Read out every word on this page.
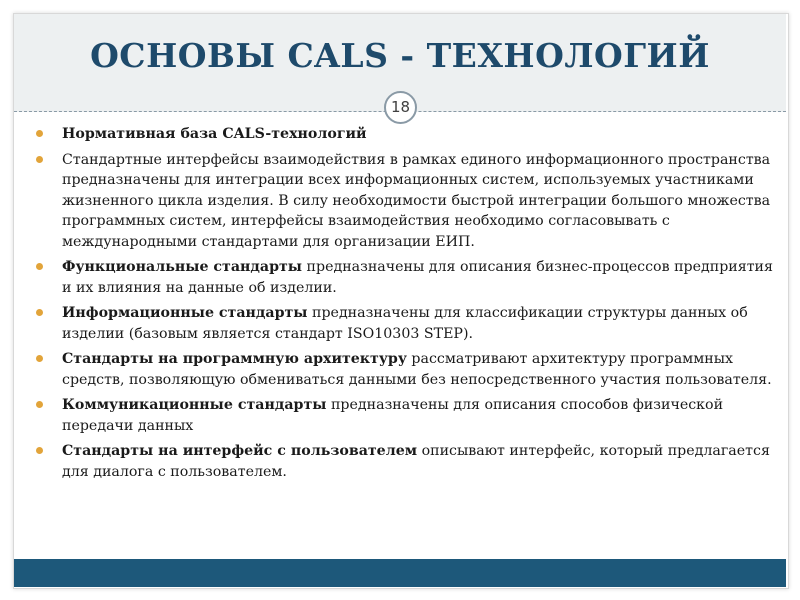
ОСНОВЫ CALS - ТЕХНОЛОГИЙ
18
Нормативная база CALS-технологий
Стандартные интерфейсы взаимодействия в рамках единого информационного пространства предназначены для интеграции всех информационных систем, используемых участниками жизненного цикла изделия. В силу необходимости быстрой интеграции большого множества программных систем, интерфейсы взаимодействия необходимо согласовывать с международными стандартами для организации ЕИП.
Функциональные стандарты предназначены для описания бизнес-процессов предприятия и их влияния на данные об изделии.
Информационные стандарты предназначены для классификации структуры данных об изделии (базовым является стандарт ISO10303 STEP).
Стандарты на программную архитектуру рассматривают архитектуру программных средств, позволяющую обмениваться данными без непосредственного участия пользователя.
Коммуникационные стандарты предназначены для описания способов физической передачи данных
Стандарты на интерфейс с пользователем описывают интерфейс, который предлагается для диалога с пользователем.
